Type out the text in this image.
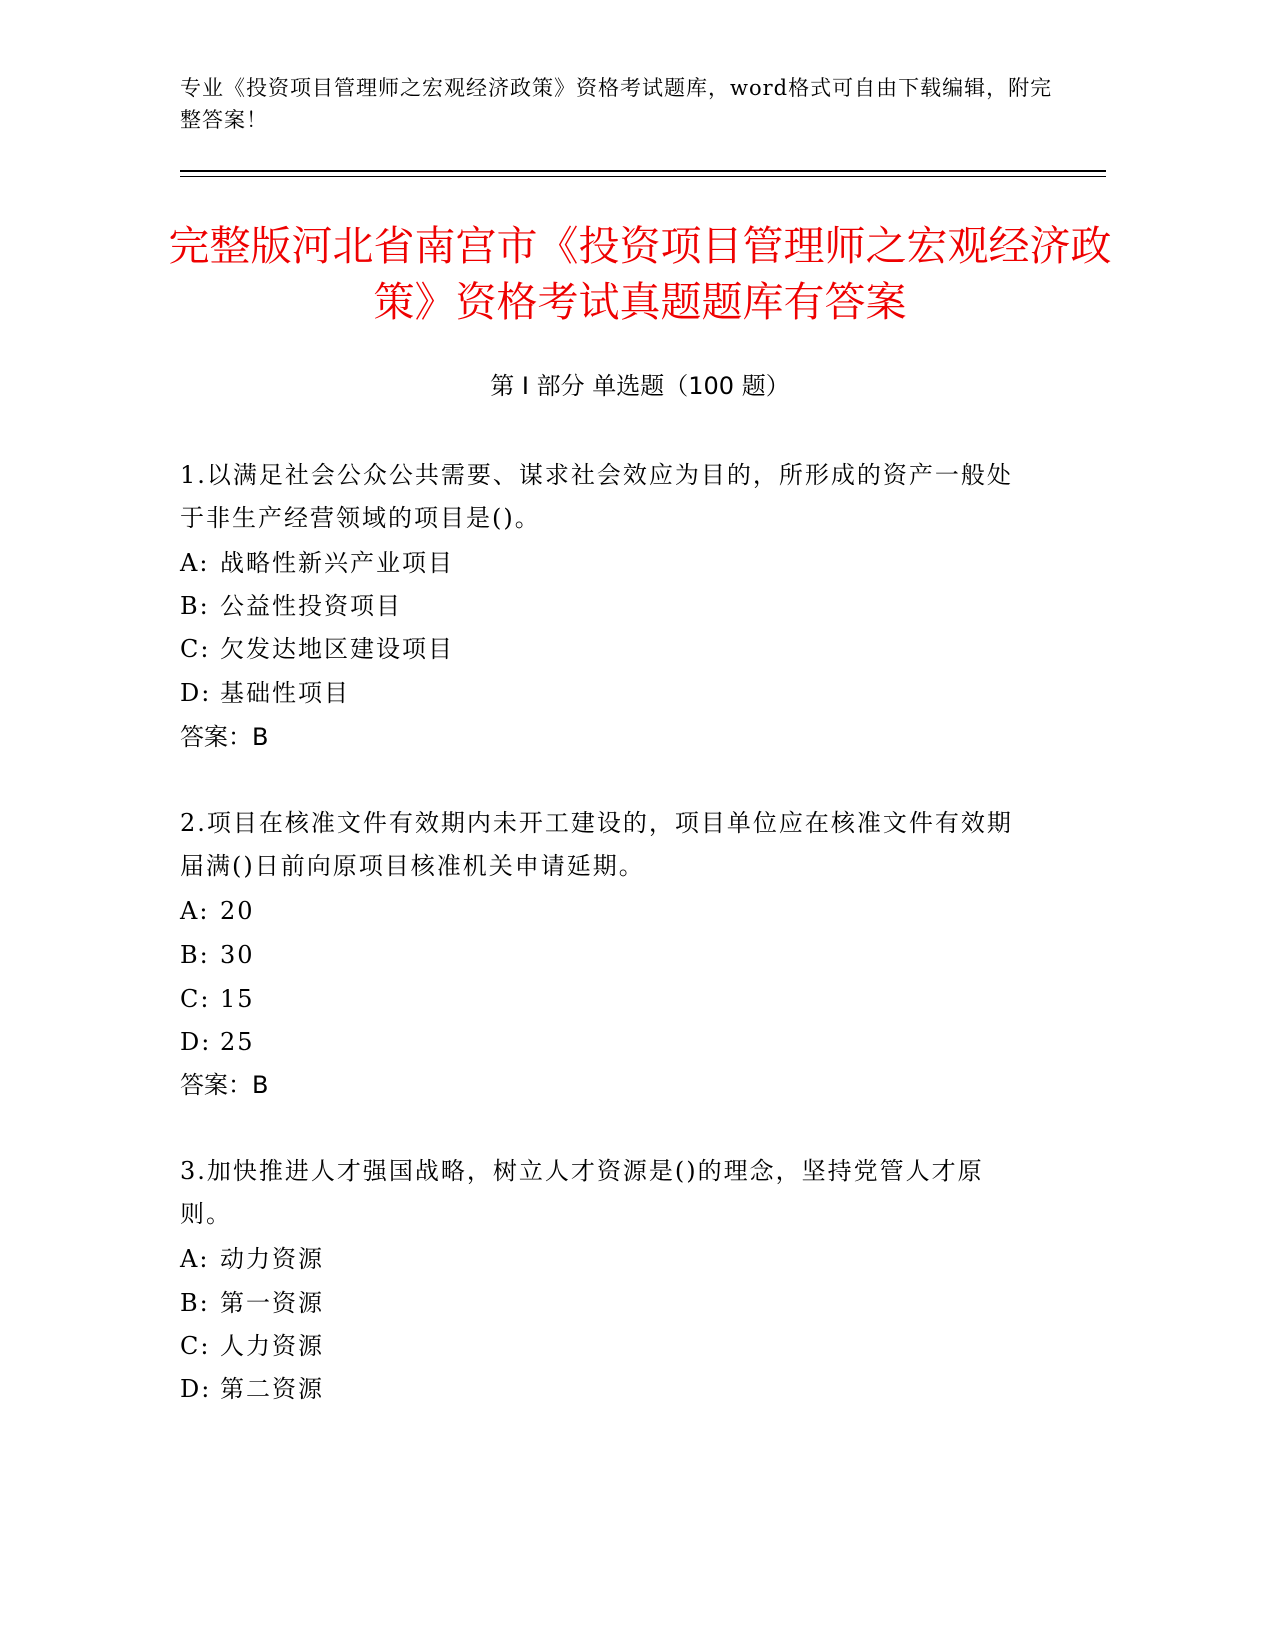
专业《投资项目管理师之宏观经济政策》资格考试题库，word格式可自由下载编辑，附完整答案！
完整版河北省南宫市《投资项目管理师之宏观经济政策》资格考试真题题库有答案
第 I 部分 单选题（100 题）
1.以满足社会公众公共需要、谋求社会效应为目的，所形成的资产一般处于非生产经营领域的项目是()。
A: 战略性新兴产业项目
B: 公益性投资项目
C: 欠发达地区建设项目
D: 基础性项目
答案：B
2.项目在核准文件有效期内未开工建设的，项目单位应在核准文件有效期届满()日前向原项目核准机关申请延期。
A: 20
B: 30
C: 15
D: 25
答案：B
3.加快推进人才强国战略，树立人才资源是()的理念，坚持党管人才原则。
A: 动力资源
B: 第一资源
C: 人力资源
D: 第二资源
